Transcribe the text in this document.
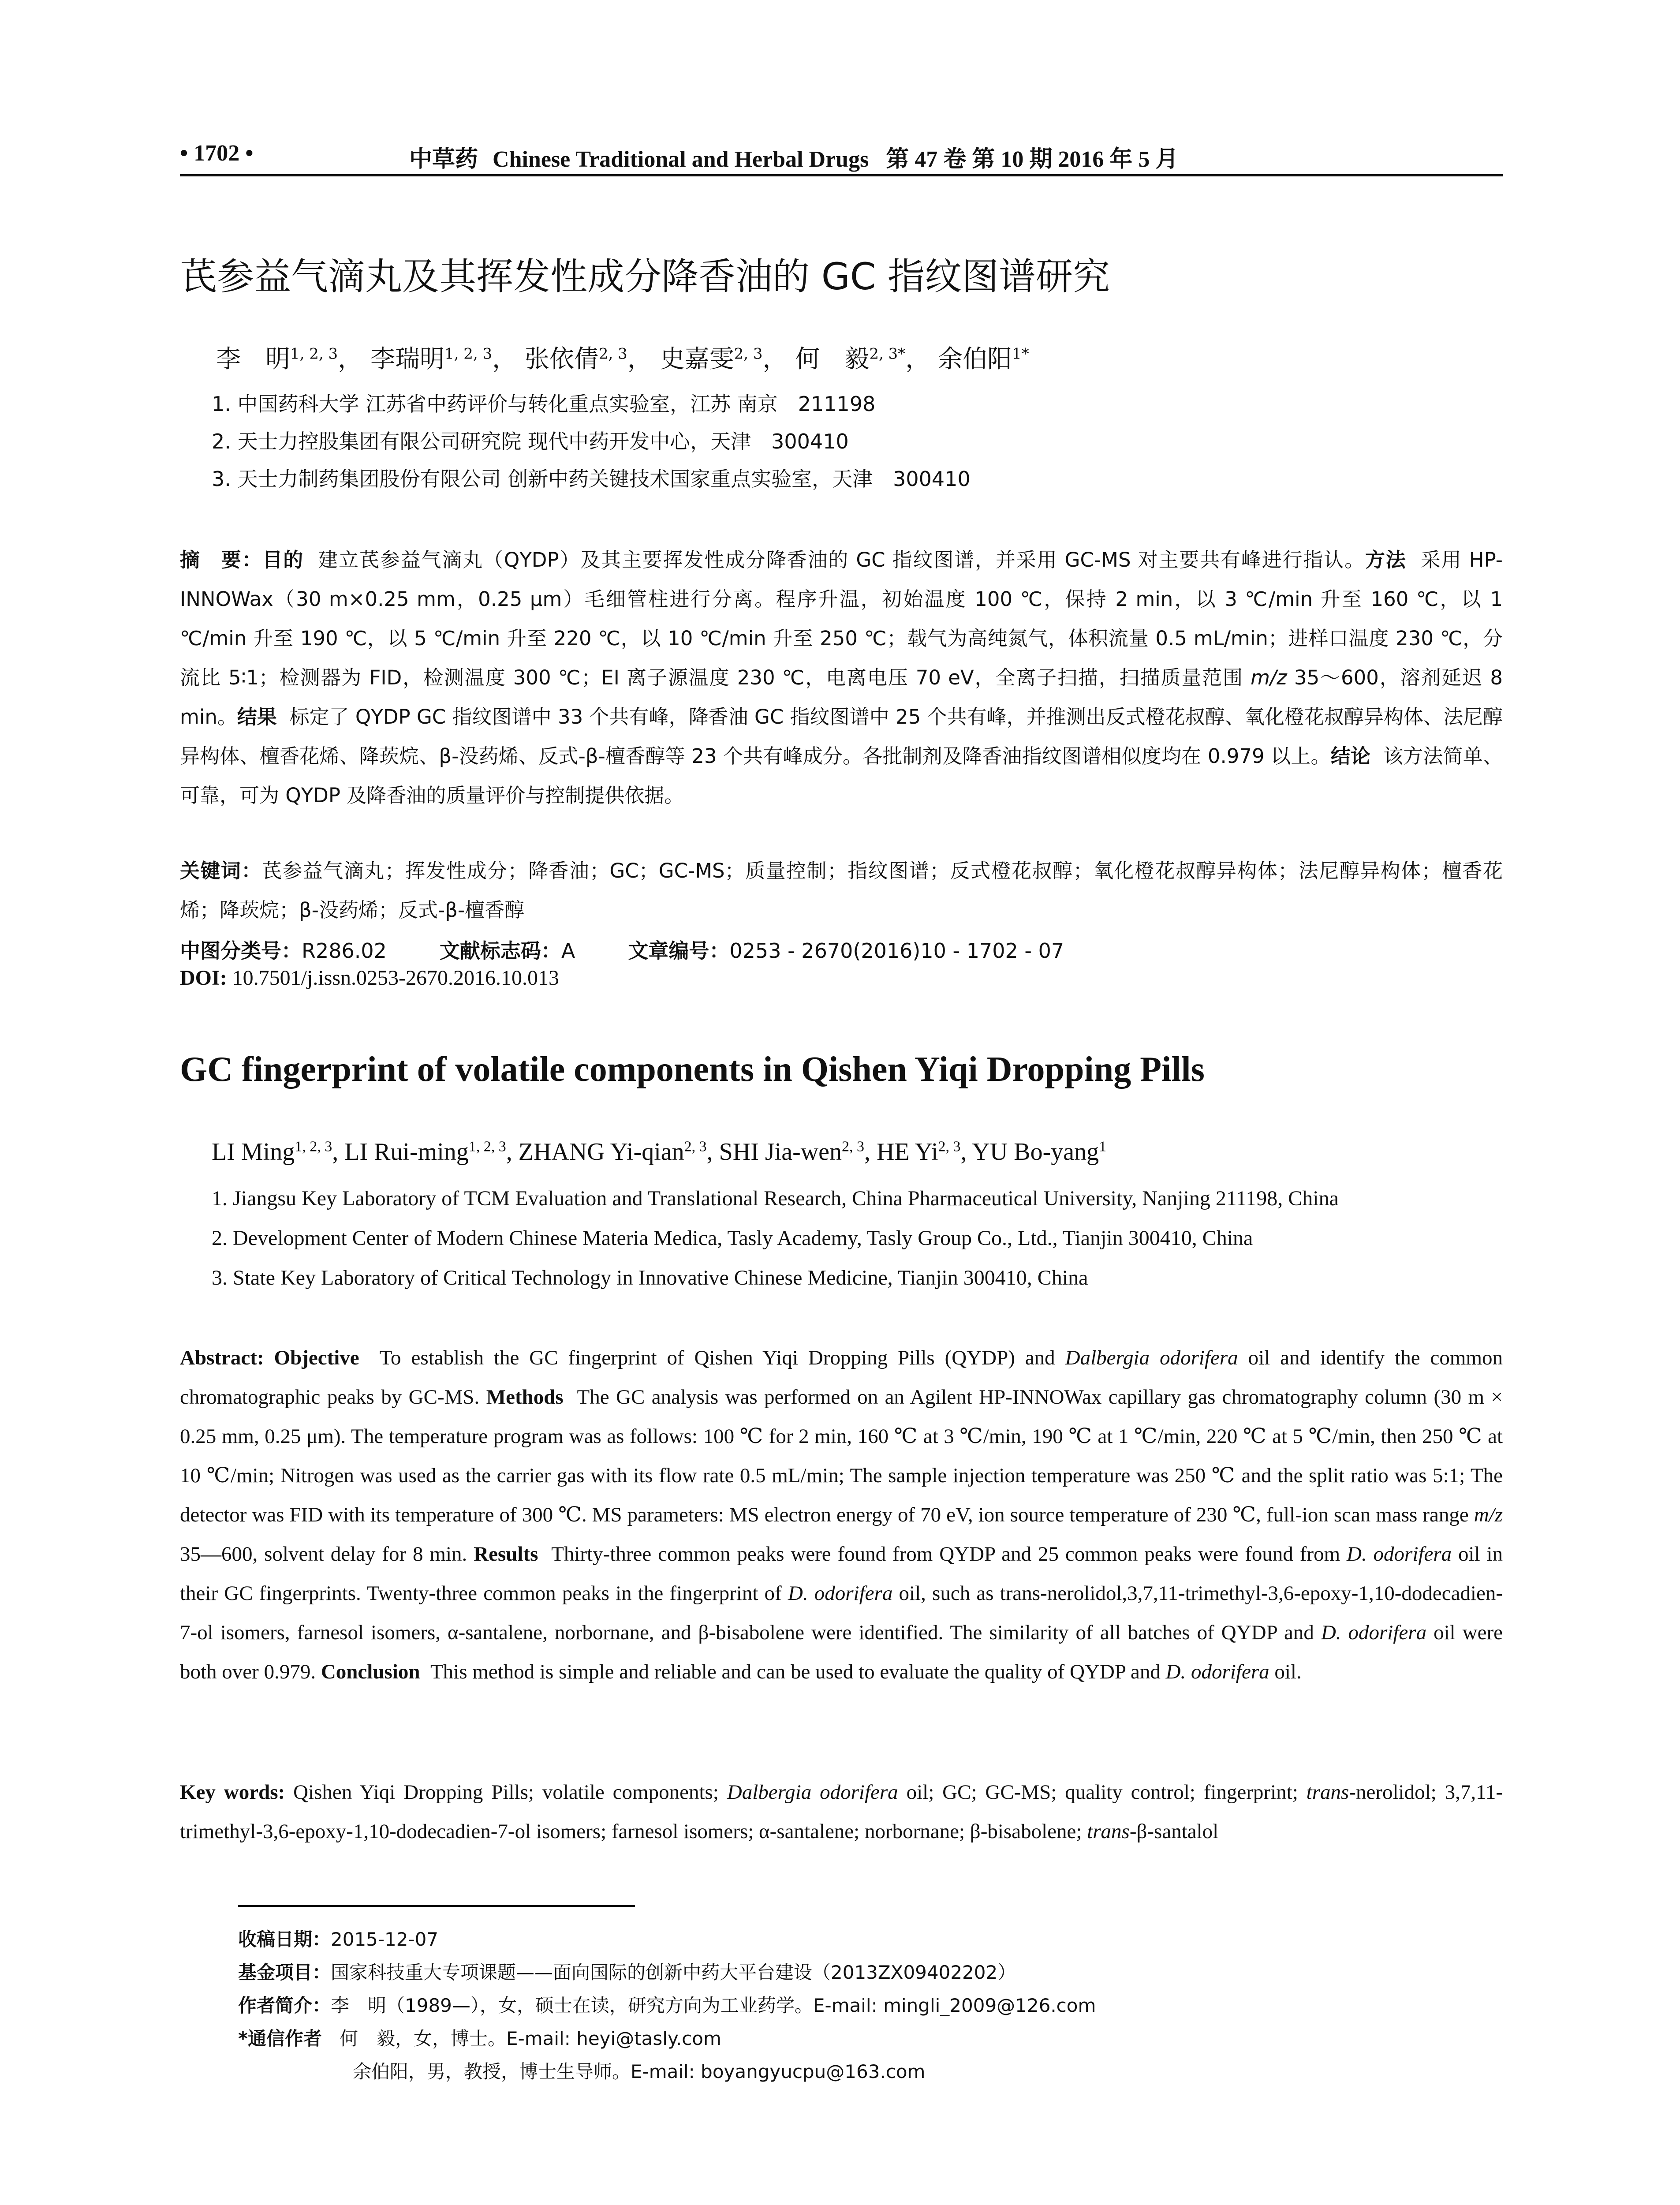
• 1702 •	中草药 Chinese Traditional and Herbal Drugs 第 47 卷 第 10 期 2016 年 5 月
芪参益气滴丸及其挥发性成分降香油的 GC 指纹图谱研究
李　明$^{1, 2, 3}$， 李瑞明$^{1, 2, 3}$， 张依倩$^{2, 3}$， 史嘉雯$^{2, 3}$， 何　毅$^{2, 3*}$， 余伯阳$^{1*}$
1. 中国药科大学 江苏省中药评价与转化重点实验室，江苏 南京　211198
2. 天士力控股集团有限公司研究院 现代中药开发中心，天津　300410
3. 天士力制药集团股份有限公司 创新中药关键技术国家重点实验室，天津　300410
摘　要：目的 建立芪参益气滴丸（QYDP）及其主要挥发性成分降香油的 GC 指纹图谱，并采用 GC-MS 对主要共有峰进行指认。方法 采用 HP-INNOWax（30 m×0.25 mm，0.25 μm）毛细管柱进行分离。程序升温，初始温度 100 ℃，保持 2 min，以 3 ℃/min 升至 160 ℃，以 1 ℃/min 升至 190 ℃，以 5 ℃/min 升至 220 ℃，以 10 ℃/min 升至 250 ℃；载气为高纯氮气，体积流量 0.5 mL/min；进样口温度 230 ℃，分流比 5∶1；检测器为 FID，检测温度 300 ℃；EI 离子源温度 230 ℃，电离电压 70 eV，全离子扫描，扫描质量范围 m/z 35～600，溶剂延迟 8 min。结果 标定了 QYDP GC 指纹图谱中 33 个共有峰，降香油 GC 指纹图谱中 25 个共有峰，并推测出反式橙花叔醇、氧化橙花叔醇异构体、法尼醇异构体、檀香花烯、降莰烷、β-没药烯、反式-β-檀香醇等 23 个共有峰成分。各批制剂及降香油指纹图谱相似度均在 0.979 以上。结论 该方法简单、可靠，可为 QYDP 及降香油的质量评价与控制提供依据。
关键词：芪参益气滴丸；挥发性成分；降香油；GC；GC-MS；质量控制；指纹图谱；反式橙花叔醇；氧化橙花叔醇异构体；法尼醇异构体；檀香花烯；降莰烷；β-没药烯；反式-β-檀香醇
中图分类号：R286.02	文献标志码：A	文章编号：0253 - 2670(2016)10 - 1702 - 07
DOI: 10.7501/j.issn.0253-2670.2016.10.013
GC fingerprint of volatile components in Qishen Yiqi Dropping Pills
LI Ming$^{1, 2, 3}$, LI Rui-ming$^{1, 2, 3}$, ZHANG Yi-qian$^{2, 3}$, SHI Jia-wen$^{2, 3}$, HE Yi$^{2, 3}$, YU Bo-yang$^1$
1. Jiangsu Key Laboratory of TCM Evaluation and Translational Research, China Pharmaceutical University, Nanjing 211198, China
2. Development Center of Modern Chinese Materia Medica, Tasly Academy, Tasly Group Co., Ltd., Tianjin 300410, China
3. State Key Laboratory of Critical Technology in Innovative Chinese Medicine, Tianjin 300410, China
Abstract: Objective To establish the GC fingerprint of Qishen Yiqi Dropping Pills (QYDP) and Dalbergia odorifera oil and identify the common chromatographic peaks by GC-MS. Methods The GC analysis was performed on an Agilent HP-INNOWax capillary gas chromatography column (30 m × 0.25 mm, 0.25 μm). The temperature program was as follows: 100 ℃ for 2 min, 160 ℃ at 3 ℃/min, 190 ℃ at 1 ℃/min, 220 ℃ at 5 ℃/min, then 250 ℃ at 10 ℃/min; Nitrogen was used as the carrier gas with its flow rate 0.5 mL/min; The sample injection temperature was 250 ℃ and the split ratio was 5:1; The detector was FID with its temperature of 300 ℃. MS parameters: MS electron energy of 70 eV, ion source temperature of 230 ℃, full-ion scan mass range m/z 35—600, solvent delay for 8 min. Results Thirty-three common peaks were found from QYDP and 25 common peaks were found from D. odorifera oil in their GC fingerprints. Twenty-three common peaks in the fingerprint of D. odorifera oil, such as trans-nerolidol,3,7,11-trimethyl-3,6-epoxy-1,10-dodecadien-7-ol isomers, farnesol isomers, α-santalene, norbornane, and β-bisabolene were identified. The similarity of all batches of QYDP and D. odorifera oil were both over 0.979. Conclusion This method is simple and reliable and can be used to evaluate the quality of QYDP and D. odorifera oil.
Key words: Qishen Yiqi Dropping Pills; volatile components; Dalbergia odorifera oil; GC; GC-MS; quality control; fingerprint; trans-nerolidol; 3,7,11-trimethyl-3,6-epoxy-1,10-dodecadien-7-ol isomers; farnesol isomers; α-santalene; norbornane; β-bisabolene; trans-β-santalol
收稿日期：2015-12-07
基金项目：国家科技重大专项课题——面向国际的创新中药大平台建设（2013ZX09402202）
作者简介：李　明（1989—），女，硕士在读，研究方向为工业药学。E-mail: mingli_2009@126.com
*通信作者 何　毅，女，博士。E-mail: heyi@tasly.com
余伯阳，男，教授，博士生导师。E-mail: boyangyucpu@163.com
